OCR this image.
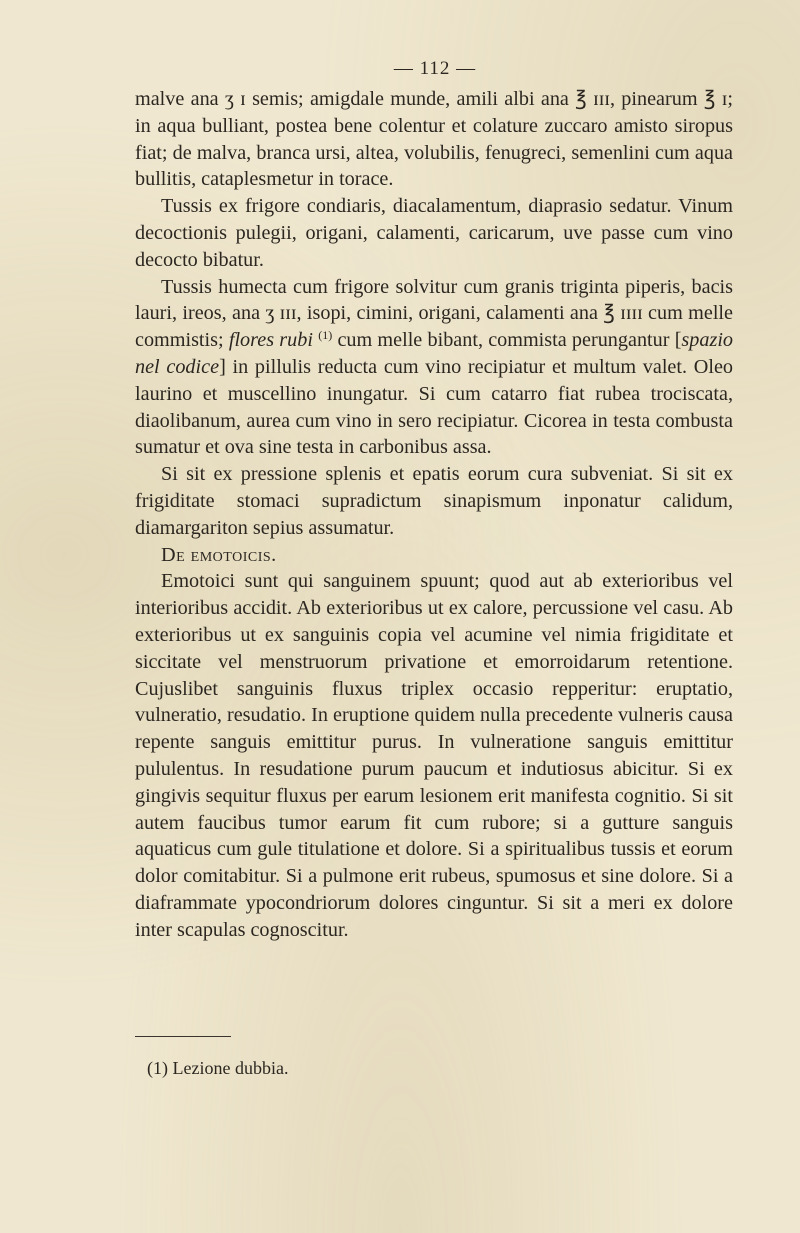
— 112 —

malve ana ʒ ɪ semis; amigdale munde, amili albi ana ℥ ɪɪɪ, pinearum ℥ ɪ; in aqua bulliant, postea bene colentur et colature zuccaro amisto siropus fiat; de malva, branca ursi, altea, volubilis, fenugreci, semenlini cum aqua bullitis, cataplesmetur in torace.

Tussis ex frigore condiaris, diacalamentum, diaprasio sedatur. Vinum decoctionis pulegii, origani, calamenti, caricarum, uve passe cum vino decocto bibatur.

Tussis humecta cum frigore solvitur cum granis triginta piperis, bacis lauri, ireos, ana ʒ ɪɪɪ, isopi, cimini, origani, calamenti ana ℥ ɪɪɪɪ cum melle commistis; flores rubi $^{(1)}$ cum melle bibant, commista perungantur [spazio nel codice] in pillulis reducta cum vino recipiatur et multum valet. Oleo laurino et muscellino inungatur. Si cum catarro fiat rubea trociscata, diaolibanum, aurea cum vino in sero recipiatur. Cicorea in testa combusta sumatur et ova sine testa in carbonibus assa.

Si sit ex pressione splenis et epatis eorum cura subveniat. Si sit ex frigiditate stomaci supradictum sinapismum inponatur calidum, diamargariton sepius assumatur.

De emotoicis.

Emotoici sunt qui sanguinem spuunt; quod aut ab exterioribus vel interioribus accidit. Ab exterioribus ut ex calore, percussione vel casu. Ab exterioribus ut ex sanguinis copia vel acumine vel nimia frigiditate et siccitate vel menstruorum privatione et emorroidarum retentione. Cujuslibet sanguinis fluxus triplex occasio repperitur: eruptatio, vulneratio, resudatio. In eruptione quidem nulla precedente vulneris causa repente sanguis emittitur purus. In vulneratione sanguis emittitur pululentus. In resudatione purum paucum et indutiosus abicitur. Si ex gingivis sequitur fluxus per earum lesionem erit manifesta cognitio. Si sit autem faucibus tumor earum fit cum rubore; si a gutture sanguis aquaticus cum gule titulatione et dolore. Si a spiritualibus tussis et eorum dolor comitabitur. Si a pulmone erit rubeus, spumosus et sine dolore. Si a diaframmate ypocondriorum dolores cinguntur. Si sit a meri ex dolore inter scapulas cognoscitur.

(1) Lezione dubbia.
